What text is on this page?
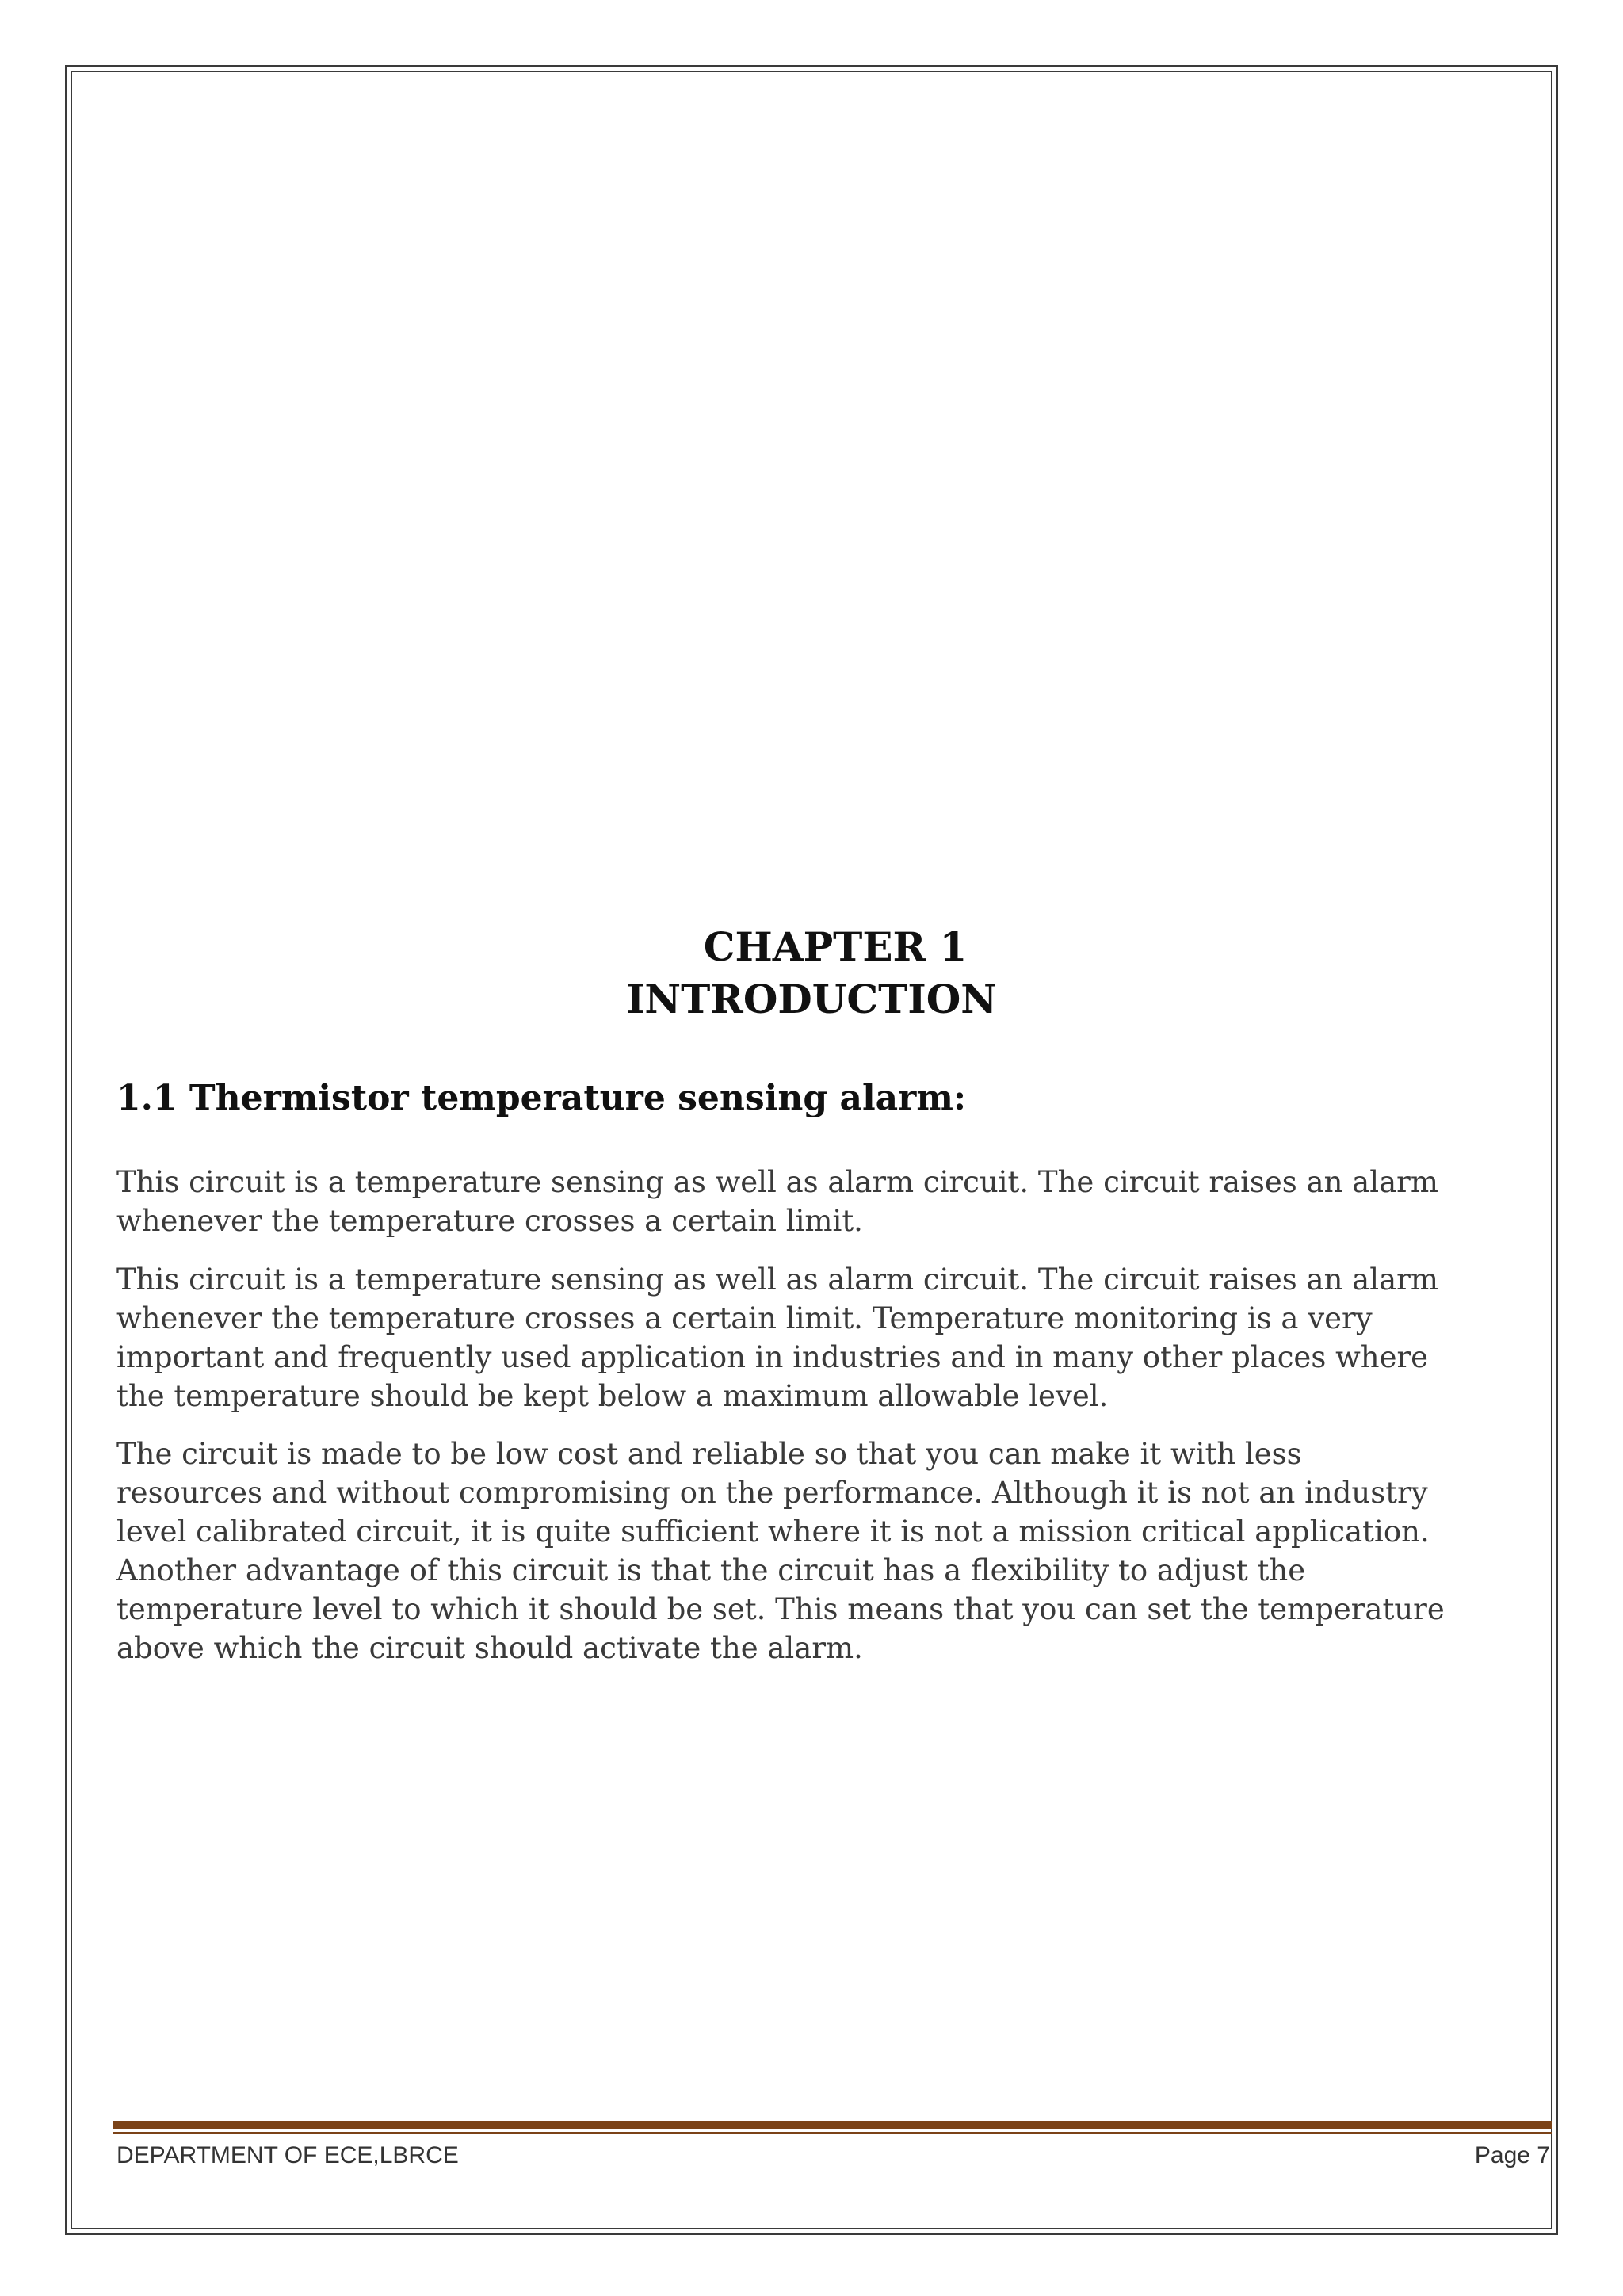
CHAPTER 1
INTRODUCTION
1.1 Thermistor temperature sensing alarm:
This circuit is a temperature sensing as well as alarm circuit. The circuit raises an alarm
whenever the temperature crosses a certain limit.
This circuit is a temperature sensing as well as alarm circuit. The circuit raises an alarm
whenever the temperature crosses a certain limit. Temperature monitoring is a very
important and frequently used application in industries and in many other places where
the temperature should be kept below a maximum allowable level.
The circuit is made to be low cost and reliable so that you can make it with less
resources and without compromising on the performance. Although it is not an industry
level calibrated circuit, it is quite sufficient where it is not a mission critical application.
Another advantage of this circuit is that the circuit has a flexibility to adjust the
temperature level to which it should be set. This means that you can set the temperature
above which the circuit should activate the alarm.
DEPARTMENT OF ECE,LBRCE	Page 7
